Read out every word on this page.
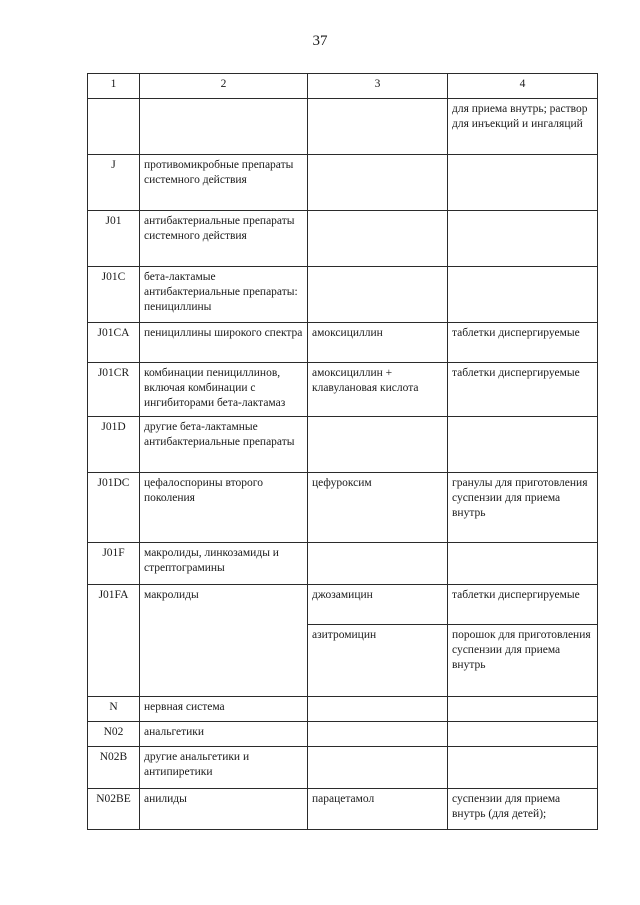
37
1	2	3	4
			для приема внутрь; раствор для инъекций и ингаляций
J	противомикробные препараты системного действия		
J01	антибактериальные препараты системного действия		
J01C	бета-лактамые антибактериальные препараты: пенициллины		
J01CA	пенициллины широкого спектра	амоксициллин	таблетки диспергируемые
J01CR	комбинации пенициллинов, включая комбинации с ингибиторами бета-лактамаз	амоксициллин + клавулановая кислота	таблетки диспергируемые
J01D	другие бета-лактамные антибактериальные препараты		
J01DC	цефалоспорины второго поколения	цефуроксим	гранулы для приготовления суспензии для приема внутрь
J01F	макролиды, линкозамиды и стрептограмины		
J01FA	макролиды	джозамицин	таблетки диспергируемые
		азитромицин	порошок для приготовления суспензии для приема внутрь
N	нервная система		
N02	анальгетики		
N02B	другие анальгетики и антипиретики		
N02BE	анилиды	парацетамол	суспензии для приема внутрь (для детей);
